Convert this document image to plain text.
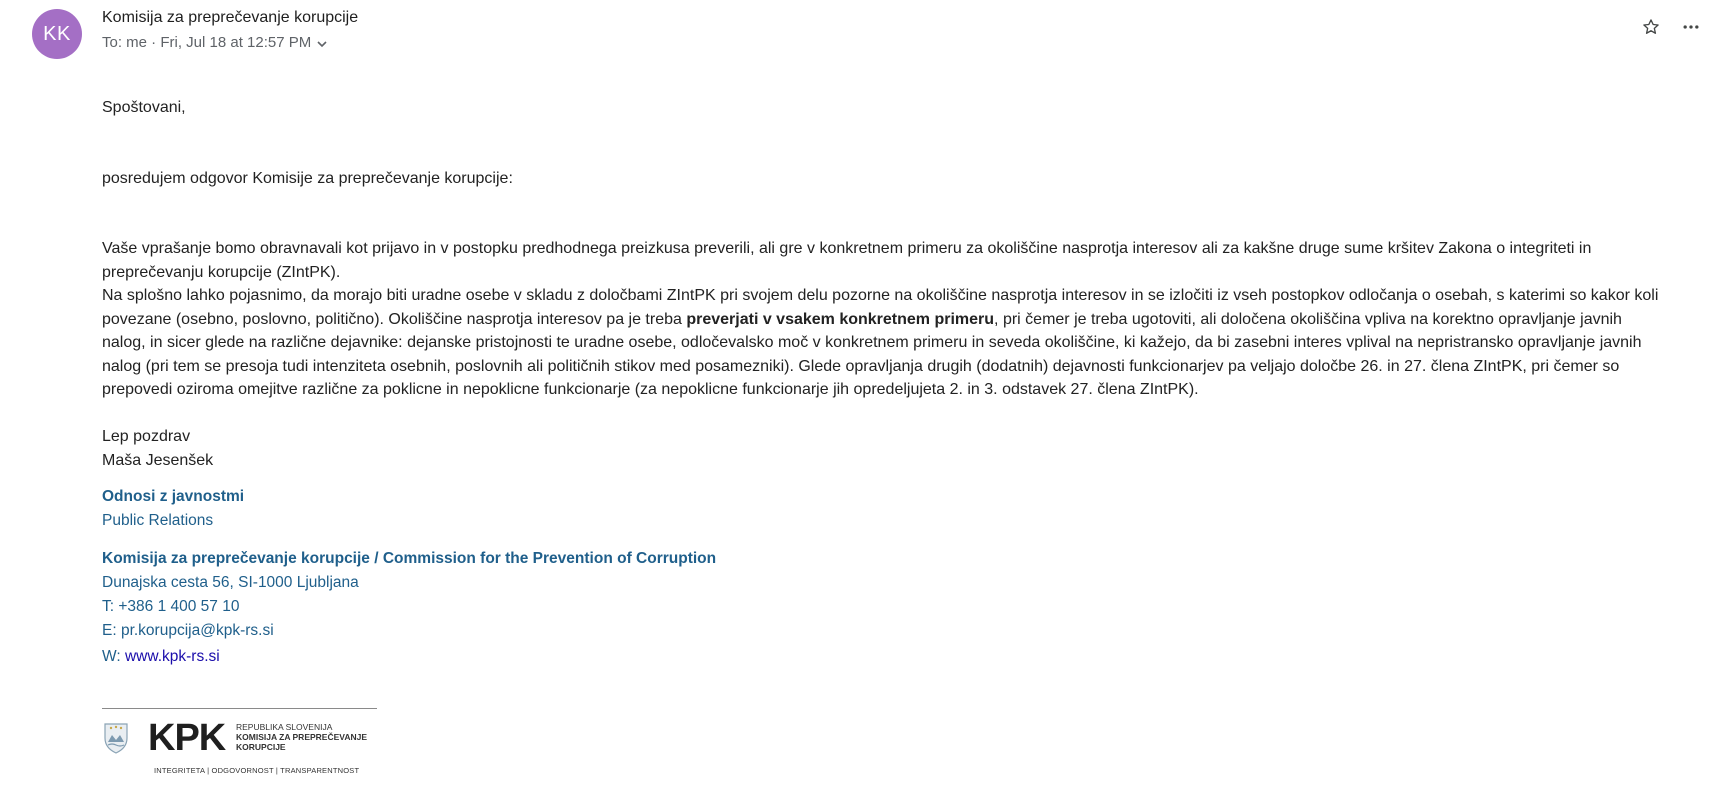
KK
Komisija za preprečevanje korupcije
To: me · Fri, Jul 18 at 12:57 PM

Spoštovani,

posredujem odgovor Komisije za preprečevanje korupcije:

Vaše vprašanje bomo obravnavali kot prijavo in v postopku predhodnega preizkusa preverili, ali gre v konkretnem primeru za okoliščine nasprotja interesov ali za kakšne druge sume kršitev Zakona o integriteti in preprečevanju korupcije (ZIntPK).

Na splošno lahko pojasnimo, da morajo biti uradne osebe v skladu z določbami ZIntPK pri svojem delu pozorne na okoliščine nasprotja interesov in se izločiti iz vseh postopkov odločanja o osebah, s katerimi so kakor koli povezane (osebno, poslovno, politično). Okoliščine nasprotja interesov pa je treba preverjati v vsakem konkretnem primeru, pri čemer je treba ugotoviti, ali določena okoliščina vpliva na korektno opravljanje javnih nalog, in sicer glede na različne dejavnike: dejanske pristojnosti te uradne osebe, odločevalsko moč v konkretnem primeru in seveda okoliščine, ki kažejo, da bi zasebni interes vplival na nepristransko opravljanje javnih nalog (pri tem se presoja tudi intenziteta osebnih, poslovnih ali političnih stikov med posamezniki). Glede opravljanja drugih (dodatnih) dejavnosti funkcionarjev pa veljajo določbe 26. in 27. člena ZIntPK, pri čemer so prepovedi oziroma omejitve različne za poklicne in nepoklicne funkcionarje (za nepoklicne funkcionarje jih opredeljujeta 2. in 3. odstavek 27. člena ZIntPK).

Lep pozdrav

Maša Jesenšek

Odnosi z javnostmi
Public Relations
Komisija za preprečevanje korupcije / Commission for the Prevention of Corruption
Dunajska cesta 56, SI-1000 Ljubljana
T: +386 1 400 57 10
E: pr.korupcija@kpk-rs.si
W: www.kpk-rs.si
KPK REPUBLIKA SLOVENIJA
KOMISIJA ZA PREPREČEVANJE
KORUPCIJE
INTEGRITETA | ODGOVORNOST | TRANSPARENTNOST
